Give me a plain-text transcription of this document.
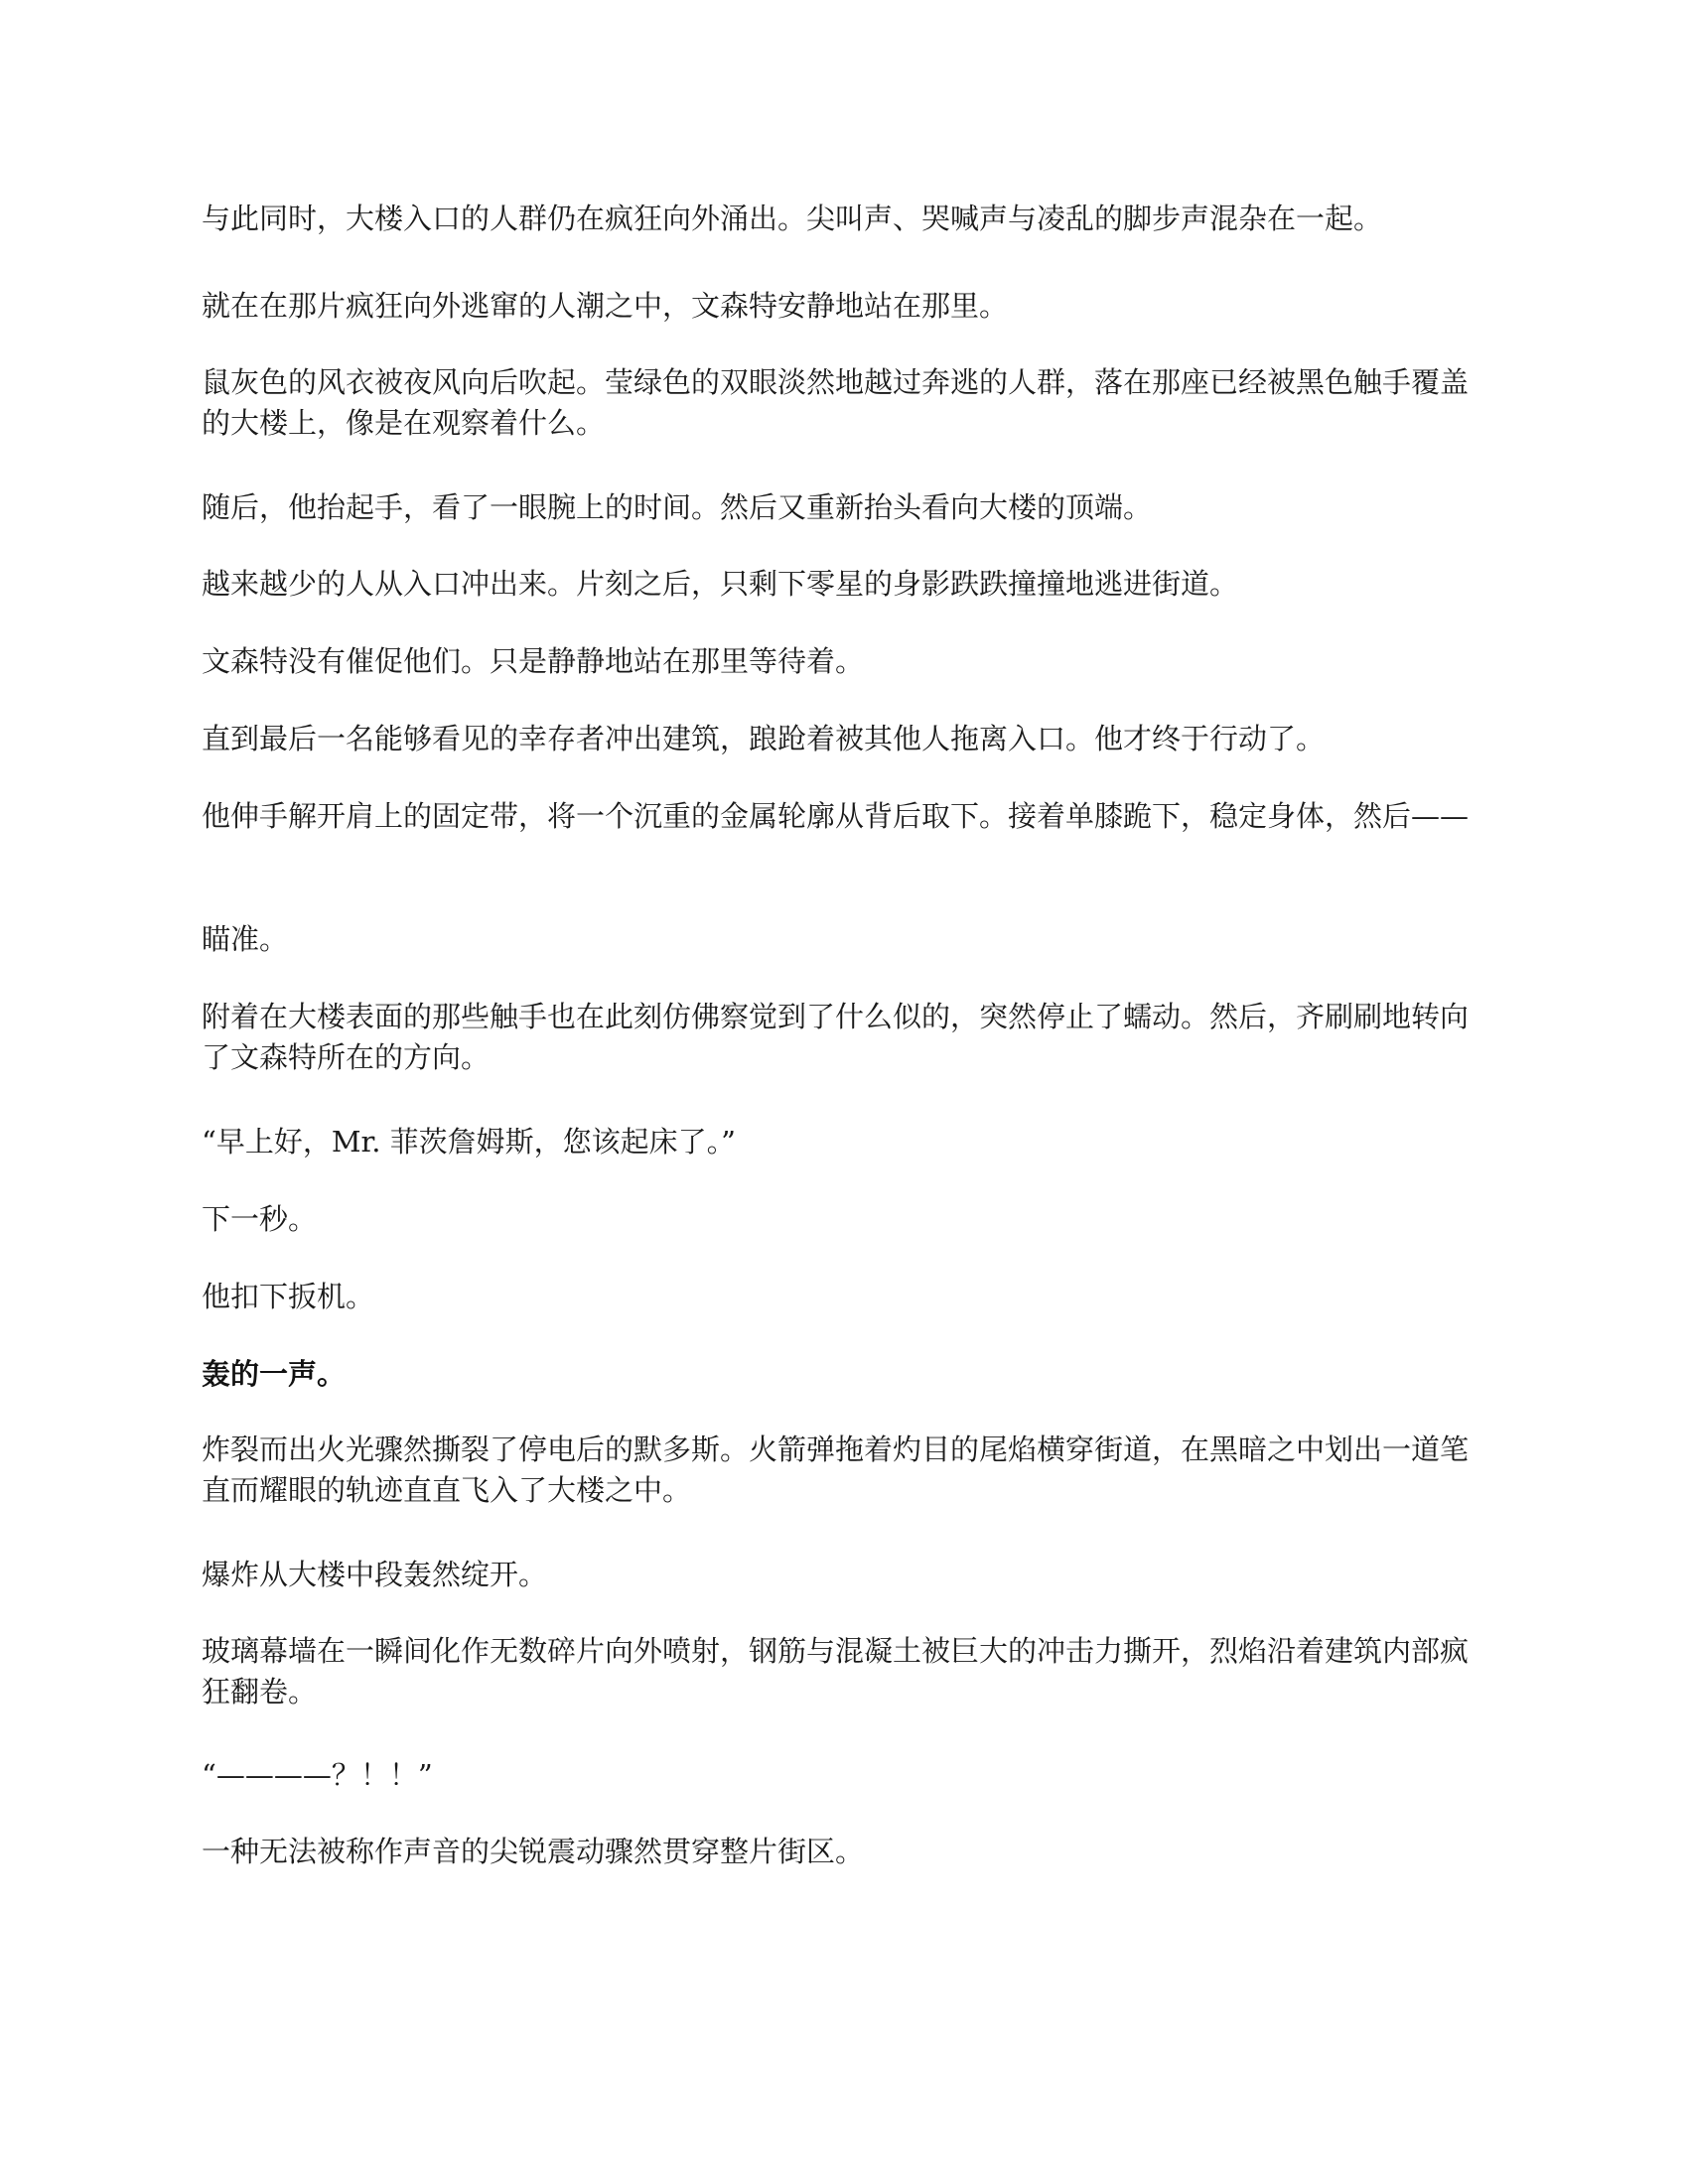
与此同时，大楼入口的人群仍在疯狂向外涌出。尖叫声、哭喊声与凌乱的脚步声混杂在一起。

就在在那片疯狂向外逃窜的人潮之中，文森特安静地站在那里。

鼠灰色的风衣被夜风向后吹起。莹绿色的双眼淡然地越过奔逃的人群，落在那座已经被黑色触手覆盖的大楼上，像是在观察着什么。

随后，他抬起手，看了一眼腕上的时间。然后又重新抬头看向大楼的顶端。

越来越少的人从入口冲出来。片刻之后，只剩下零星的身影跌跌撞撞地逃进街道。

文森特没有催促他们。只是静静地站在那里等待着。

直到最后一名能够看见的幸存者冲出建筑，踉跄着被其他人拖离入口。他才终于行动了。

他伸手解开肩上的固定带，将一个沉重的金属轮廓从背后取下。接着单膝跪下，稳定身体，然后——

瞄准。

附着在大楼表面的那些触手也在此刻仿佛察觉到了什么似的，突然停止了蠕动。然后，齐刷刷地转向了文森特所在的方向。

“早上好，Mr. 菲茨詹姆斯，您该起床了。”

下一秒。

他扣下扳机。

轰的一声。

炸裂而出火光骤然撕裂了停电后的默多斯。火箭弹拖着灼目的尾焰横穿街道，在黑暗之中划出一道笔直而耀眼的轨迹直直飞入了大楼之中。

爆炸从大楼中段轰然绽开。

玻璃幕墙在一瞬间化作无数碎片向外喷射，钢筋与混凝土被巨大的冲击力撕开，烈焰沿着建筑内部疯狂翻卷。

“————？！！”

一种无法被称作声音的尖锐震动骤然贯穿整片街区。
